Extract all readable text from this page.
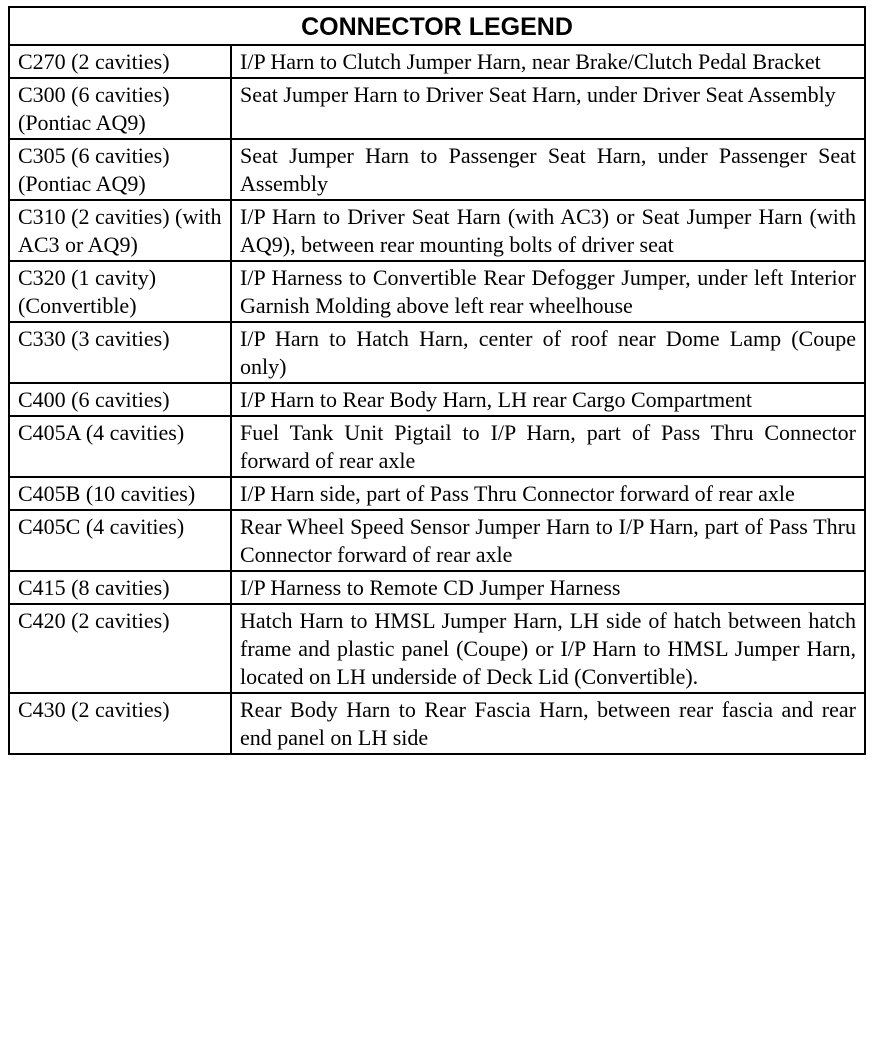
CONNECTOR LEGEND	
C270 (2 cavities)	I/P Harn to Clutch Jumper Harn, near Brake/Clutch Pedal Bracket
C300 (6 cavities) (Pontiac AQ9)	Seat Jumper Harn to Driver Seat Harn, under Driver Seat Assembly
C305 (6 cavities) (Pontiac AQ9)	Seat Jumper Harn to Passenger Seat Harn, under Passenger Seat Assembly
C310 (2 cavities) (with AC3 or AQ9)	I/P Harn to Driver Seat Harn (with AC3) or Seat Jumper Harn (with AQ9), between rear mounting bolts of driver seat
C320 (1 cavity) (Convertible)	I/P Harness to Convertible Rear Defogger Jumper, under left Interior Garnish Molding above left rear wheelhouse
C330 (3 cavities)	I/P Harn to Hatch Harn, center of roof near Dome Lamp (Coupe only)
C400 (6 cavities)	I/P Harn to Rear Body Harn, LH rear Cargo Compartment
C405A (4 cavities)	Fuel Tank Unit Pigtail to I/P Harn, part of Pass Thru Connector forward of rear axle
C405B (10 cavities)	I/P Harn side, part of Pass Thru Connector forward of rear axle
C405C (4 cavities)	Rear Wheel Speed Sensor Jumper Harn to I/P Harn, part of Pass Thru Connector forward of rear axle
C415 (8 cavities)	I/P Harness to Remote CD Jumper Harness
C420 (2 cavities)	Hatch Harn to HMSL Jumper Harn, LH side of hatch between hatch frame and plastic panel (Coupe) or I/P Harn to HMSL Jumper Harn, located on LH underside of Deck Lid (Convertible).
C430 (2 cavities)	Rear Body Harn to Rear Fascia Harn, between rear fascia and rear end panel on LH side
